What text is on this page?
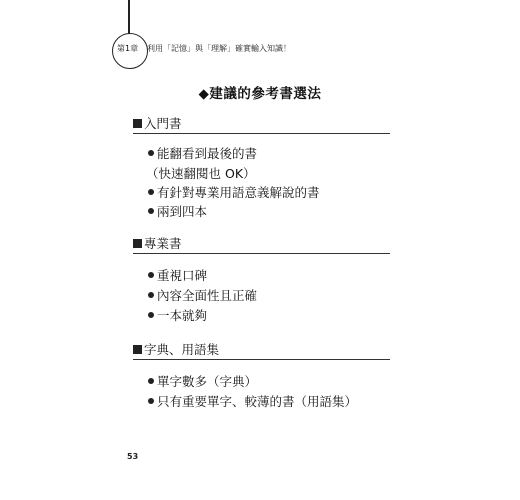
第1章 利用「記憶」與「理解」確實輸入知識！
◆建議的參考書選法
入門書
能翻看到最後的書
（快速翻閱也 OK）
有針對專業用語意義解說的書
兩到四本
專業書
重視口碑
內容全面性且正確
一本就夠
字典、用語集
單字數多（字典）
只有重要單字、較薄的書（用語集）
53
